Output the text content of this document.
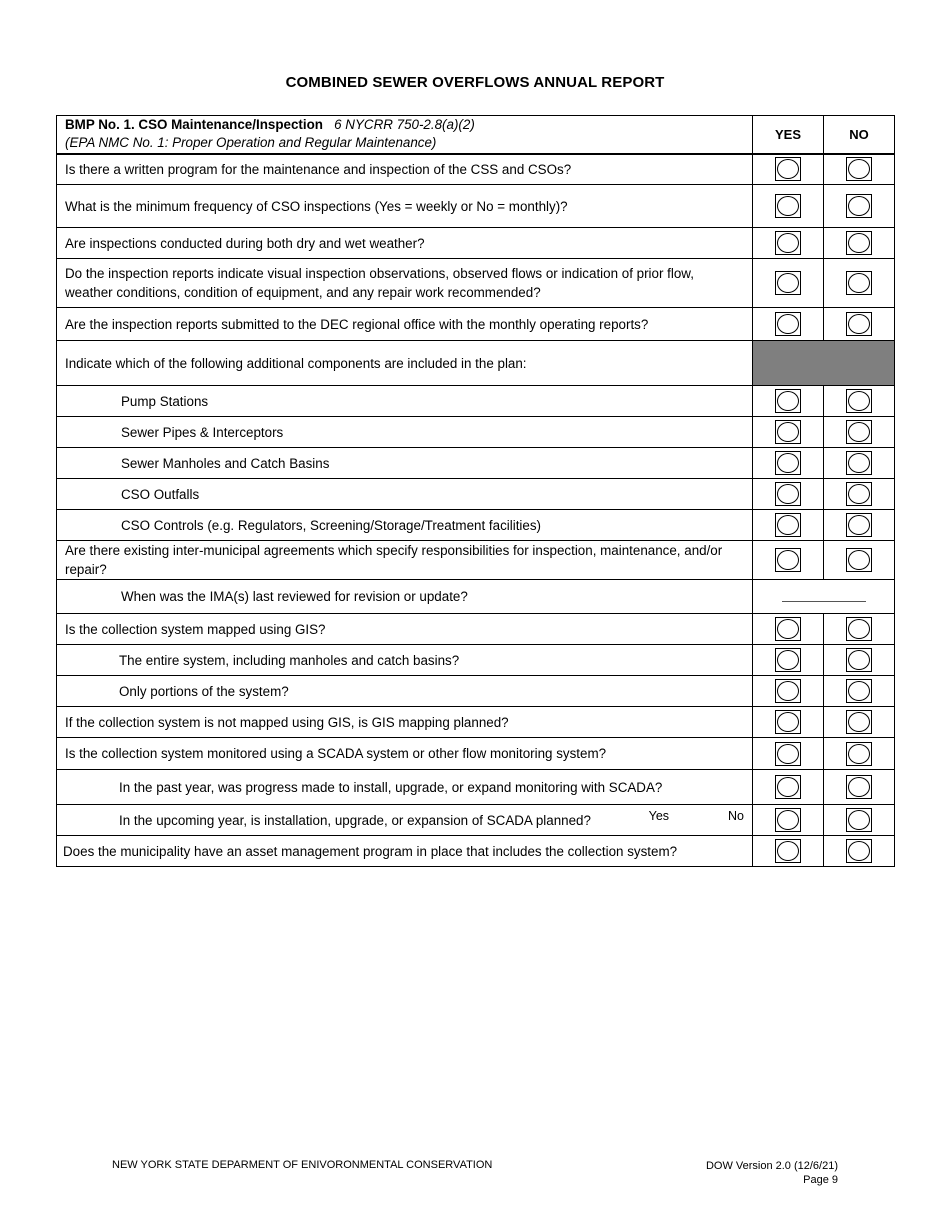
COMBINED SEWER OVERFLOWS ANNUAL REPORT
BMP No. 1. CSO Maintenance/Inspection 6 NYCRR 750-2.8(a)(2)
(EPA NMC No. 1: Proper Operation and Regular Maintenance)	YES	NO
Is there a written program for the maintenance and inspection of the CSS and CSOs?		
What is the minimum frequency of CSO inspections (Yes = weekly or No = monthly)?		
Are inspections conducted during both dry and wet weather?		
Do the inspection reports indicate visual inspection observations, observed flows or indication of prior flow, weather conditions, condition of equipment, and any repair work recommended?		
Are the inspection reports submitted to the DEC regional office with the monthly operating reports?		
Indicate which of the following additional components are included in the plan:		
Pump Stations		
Sewer Pipes & Interceptors		
Sewer Manholes and Catch Basins		
CSO Outfalls		
CSO Controls (e.g. Regulators, Screening/Storage/Treatment facilities)		
Are there existing inter-municipal agreements which specify responsibilities for inspection, maintenance, and/or repair?		
When was the IMA(s) last reviewed for revision or update?		
Is the collection system mapped using GIS?		
The entire system, including manholes and catch basins?		
Only portions of the system?		
If the collection system is not mapped using GIS, is GIS mapping planned?		
Is the collection system monitored using a SCADA system or other flow monitoring system?		
In the past year, was progress made to install, upgrade, or expand monitoring with SCADA?		

Yes No
In the upcoming year, is installation, upgrade, or expansion of SCADA planned?		
Does the municipality have an asset management program in place that includes the collection system?		
NEW YORK STATE DEPARMENT OF ENIVORONMENTAL CONSERVATION	DOW Version 2.0 (12/6/21)
Page 9
